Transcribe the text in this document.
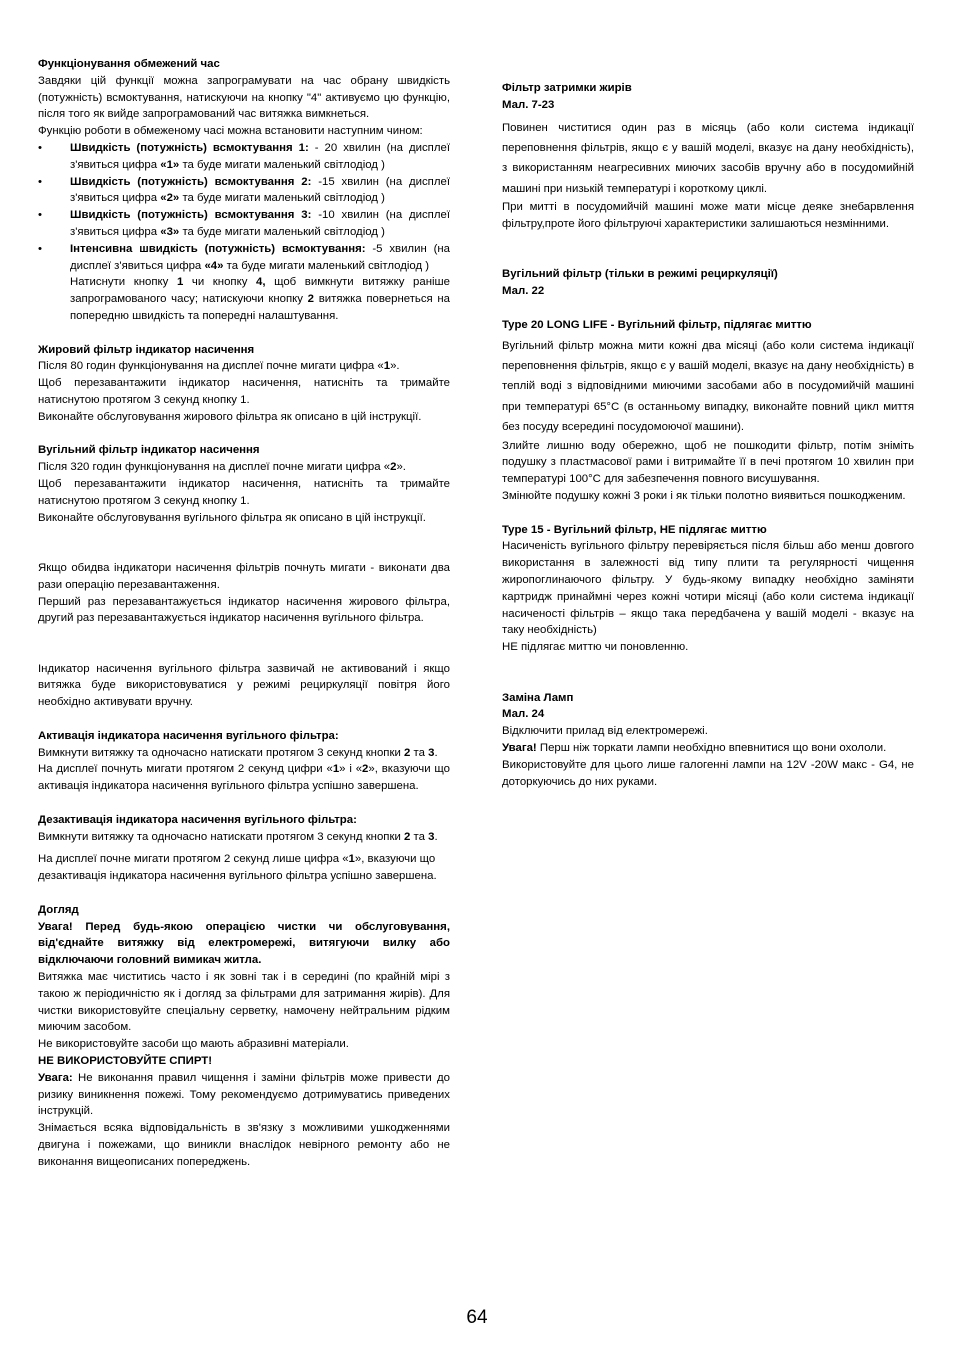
Функціонування обмежений час

Завдяки цій функції можна запрограмувати на час обрану швидкість (потужність) всмоктування, натискуючи на кнопку "4" активуємо цю функцію, після того як вийде запрограмований час витяжка вимкнеться.

Функцію роботи в обмеженому часі можна встановити наступним чином:

• Швидкість (потужність) всмоктування 1: - 20 хвилин (на дисплеї з'явиться цифра «1» та буде мигати маленький світлодiод )
• Швидкість (потужність) всмоктування 2: -15 хвилин (на дисплеї з'явиться цифра «2» та буде мигати маленький світлодiод )
• Швидкість (потужність) всмоктування 3: -10 хвилин (на дисплеї з'явиться цифра «3» та буде мигати маленький світлодiод )
• Інтенсивна швидкість (потужність) всмоктування: -5 хвилин (на дисплеї з'явиться цифра «4» та буде мигати маленький світлодiод )

Натиснути кнопку 1 чи кнопку 4, щоб вимкнути витяжку раніше запрограмованого часу; натискуючи кнопку 2 витяжка повернеться на попередню швидкість та попередні налаштування.

Жировий фільтр індикатор насичення

Після 80 годин функціонування на дисплеї почне мигати цифра «1».

Щоб перезавантажити індикатор насичення, натисніть та тримайте натиснутою протягом 3 секунд кнопку 1.

Виконайте обслуговування жирового фільтра як описано в цій інструкції.

Вугільний фільтр індикатор насичення

Після 320 годин функціонування на дисплеї почне мигати цифра «2».

Щоб перезавантажити індикатор насичення, натисніть та тримайте натиснутою протягом 3 секунд кнопку 1.

Виконайте обслуговування вугільного фільтра як описано в цій інструкції.

Якщо обидва індикатори насичення фільтрів почнуть мигати - виконати два рази операцію перезавантаження.

Перший раз перезавантажується індикатор насичення жирового фільтра, другий раз перезавантажується індикатор насичення вугільного фільтра.

Індикатор насичення вугільного фільтра зазвичай не активований і якщо витяжка буде використовуватися у режимі рециркуляції повітря його необхідно активувати вручну.

Активація індикатора насичення вугільного фільтра:

Вимкнути витяжку та одночасно натискати протягом 3 секунд кнопки 2 та 3.

На дисплеї почнуть мигати протягом 2 секунд цифри «1» і «2», вказуючи що активація індикатора насичення вугільного фільтра успішно завершена.

Дезактивація індикатора насичення вугільного фільтра:

Вимкнути витяжку та одночасно натискати протягом 3 секунд кнопки 2 та 3.

На дисплеї почне мигати протягом 2 секунд лише цифра «1», вказуючи що дезактивація індикатора насичення вугільного фільтра успішно завершена.

Догляд

Увага! Перед будь-якою операцією чистки чи обслуговування, від'єднайте витяжку від електромережі, витягуючи вилку або відключаючи головний вимикач житла.

Витяжка має чиститись часто і як зовні так і в середині (по крайній мірі з такою ж періодичністю як і догляд за фільтрами для затримання жирів). Для чистки використовуйте спеціальну серветку, намочену нейтральним рідким миючим засобом.

Не використовуйте засоби що мають абразивні матеріали.

НЕ ВИКОРИСТОВУЙТЕ СПИРТ!

Увага: Не виконання правил чищення і заміни фільтрів може привести до ризику виникнення пожежі. Тому рекомендуємо дотримуватись приведених інструкцій.

Знімається всяка відповідальність в зв'язку з можливими ушкодженнями двигуна і пожежами, що виникли внаслідок невірного ремонту або не виконання вищеописаних попереджень.

Фільтр затримки жирів

Мал. 7-23

Повинен чиститися один раз в місяць (або коли система індикації переповнення фільтрів, якщо є у вашій моделі, вказує на дану необхідність), з використанням неагресивних миючих засобів вручну або в посудомийній машині при низькій температурі і короткому циклі.

При митті в посудомийчій машині може мати місце деяке знебарвлення фільтру,проте його фільтруючі характеристики залишаються незмінними.

Вугільний фільтр (тільки в режимі рециркуляції)

Мал. 22

Type 20 LONG LIFE - Вугільний фільтр, підлягає миттю

Вугільний фільтр можна мити кожні два місяці (або коли система індикації переповнення фільтрів, якщо є у вашій моделі, вказує на дану необхідність) в теплій воді з відповідними миючими засобами або в посудомийчій машині при температурі 65°C (в останньому випадку, виконайте повний цикл миття без посуду всередині посудомоючої машини).

Злийте лишню воду обережно, щоб не пошкодити фільтр, потім зніміть подушку з пластмасової рами і витримайте її в печі протягом 10 хвилин при температурі 100°C для забезпечення повного висушування.

Змінюйте подушку кожні 3 роки і як тільки полотно виявиться пошкодженим.

Type 15 - Вугільний фільтр, НЕ підлягає миттю

Насиченість вугільного фільтру перевіряється після більш або менш довгого використання в залежності від типу плити та регулярності чищення жиропоглинаючого фільтру. У будь-якому випадку необхідно заміняти картридж принаймні через кожні чотири місяці (або коли система індикації насиченості фільтрів – якщо така передбачена у вашій моделі - вказує на таку необхідність)

НЕ підлягає миттю чи поновленню.

Заміна Ламп

Мал. 24

Відключити прилад від електромережі.

Увага! Перш ніж торкати лампи необхідно впевнитися що вони охололи.

Використовуйте для цього лише галогенні лампи на 12V -20W макс - G4, не доторкуючись до них руками.

64
